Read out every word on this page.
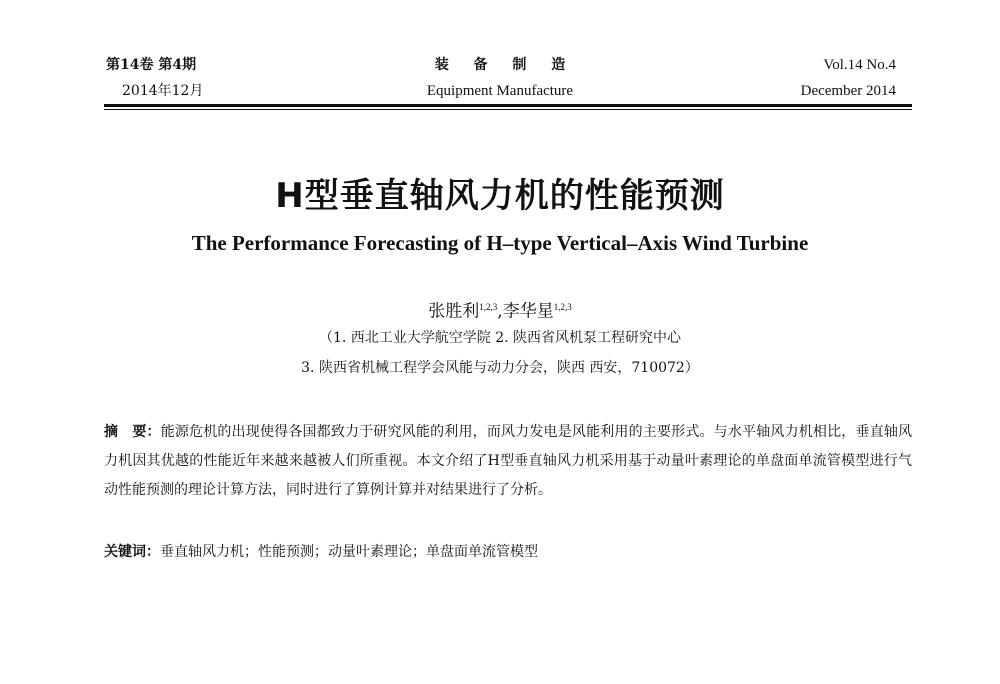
第14卷 第4期
2014年12月
装 备 制 造
Equipment Manufacture
Vol.14 No.4
December 2014
H型垂直轴风力机的性能预测
The Performance Forecasting of H–type Vertical–Axis Wind Turbine
张胜利$^{1,2,3}$,李华星$^{1,2,3}$
（1. 西北工业大学航空学院 2. 陕西省风机泵工程研究中心
3. 陕西省机械工程学会风能与动力分会，陕西 西安，710072）
摘　要：能源危机的出现使得各国都致力于研究风能的利用，而风力发电是风能利用的主要形式。与水平轴风力机相比，垂直轴风力机因其优越的性能近年来越来越被人们所重视。本文介绍了H型垂直轴风力机采用基于动量叶素理论的单盘面单流管模型进行气动性能预测的理论计算方法，同时进行了算例计算并对结果进行了分析。
关键词：垂直轴风力机；性能预测；动量叶素理论；单盘面单流管模型
